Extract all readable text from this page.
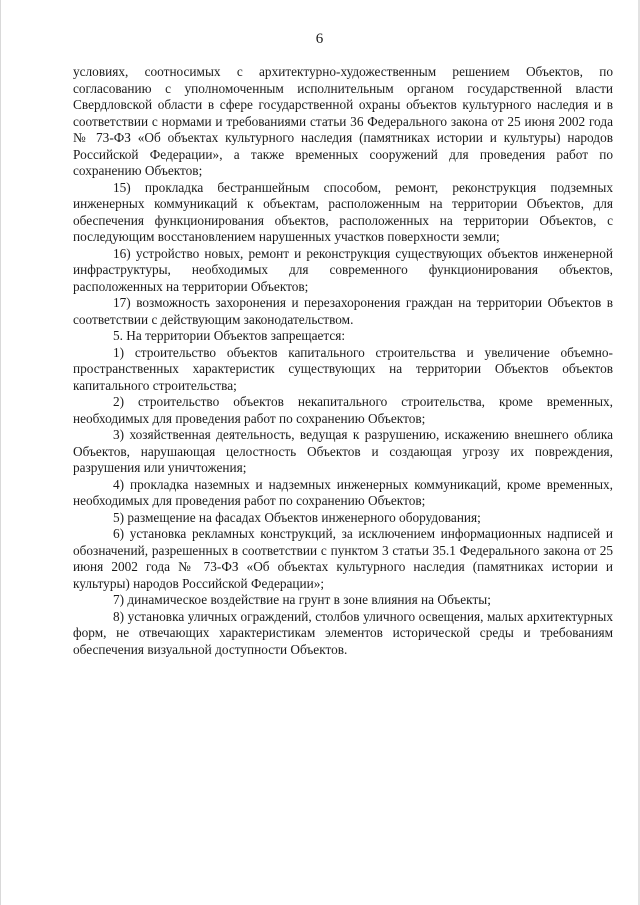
6

условиях, соотносимых с архитектурно-художественным решением Объектов, по согласованию с уполномоченным исполнительным органом государственной власти Свердловской области в сфере государственной охраны объектов культурного наследия и в соответствии с нормами и требованиями статьи 36 Федерального закона от 25 июня 2002 года № 73-ФЗ «Об объектах культурного наследия (памятниках истории и культуры) народов Российской Федерации», а также временных сооружений для проведения работ по сохранению Объектов;

15) прокладка бестраншейным способом, ремонт, реконструкция подземных инженерных коммуникаций к объектам, расположенным на территории Объектов, для обеспечения функционирования объектов, расположенных на территории Объектов, с последующим восстановлением нарушенных участков поверхности земли;

16) устройство новых, ремонт и реконструкция существующих объектов инженерной инфраструктуры, необходимых для современного функционирования объектов, расположенных на территории Объектов;

17) возможность захоронения и перезахоронения граждан на территории Объектов в соответствии с действующим законодательством.

5. На территории Объектов запрещается:

1) строительство объектов капитального строительства и увеличение объемно-пространственных характеристик существующих на территории Объектов объектов капитального строительства;

2) строительство объектов некапитального строительства, кроме временных, необходимых для проведения работ по сохранению Объектов;

3) хозяйственная деятельность, ведущая к разрушению, искажению внешнего облика Объектов, нарушающая целостность Объектов и создающая угрозу их повреждения, разрушения или уничтожения;

4) прокладка наземных и надземных инженерных коммуникаций, кроме временных, необходимых для проведения работ по сохранению Объектов;

5) размещение на фасадах Объектов инженерного оборудования;

6) установка рекламных конструкций, за исключением информационных надписей и обозначений, разрешенных в соответствии с пунктом 3 статьи 35.1 Федерального закона от 25 июня 2002 года № 73-ФЗ «Об объектах культурного наследия (памятниках истории и культуры) народов Российской Федерации»;

7) динамическое воздействие на грунт в зоне влияния на Объекты;

8) установка уличных ограждений, столбов уличного освещения, малых архитектурных форм, не отвечающих характеристикам элементов исторической среды и требованиям обеспечения визуальной доступности Объектов.
